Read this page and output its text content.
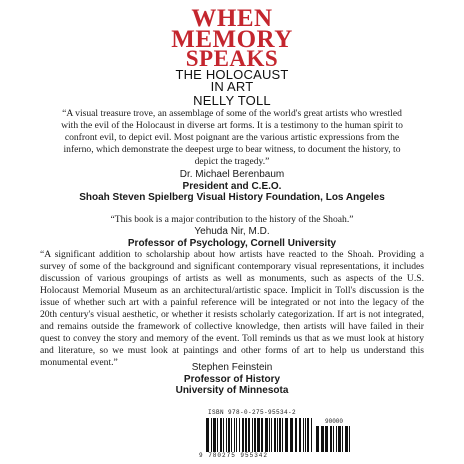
WHEN
MEMORY
SPEAKS
THE HOLOCAUST
IN ART
NELLY TOLL
“A visual treasure trove, an assemblage of some of the world's great artists who wrestled with the evil of the Holocaust in diverse art forms. It is a testimony to the human spirit to confront evil, to depict evil. Most poignant are the various artistic expressions from the inferno, which demonstrate the deepest urge to bear witness, to document the history, to depict the tragedy.”
Dr. Michael Berenbaum
President and C.E.O.
Shoah Steven Spielberg Visual History Foundation, Los Angeles
“This book is a major contribution to the history of the Shoah.”
Yehuda Nir, M.D.
Professor of Psychology, Cornell University
“A significant addition to scholarship about how artists have reacted to the Shoah. Providing a survey of some of the background and significant contemporary visual representations, it includes discussion of various groupings of artists as well as monuments, such as aspects of the U.S. Holocaust Memorial Museum as an architectural/artistic space. Implicit in Toll's discussion is the issue of whether such art with a painful reference will be integrated or not into the legacy of the 20th century's visual aesthetic, or whether it resists scholarly categorization. If art is not integrated, and remains outside the framework of collective knowledge, then artists will have failed in their quest to convey the story and memory of the event. Toll reminds us that as we must look at history and literature, so we must look at paintings and other forms of art to help us understand this monumental event.”	Stephen Feinstein
Professor of History
University of Minnesota
ISBN 978-0-275-95534-2
90000
9 780275 955342
